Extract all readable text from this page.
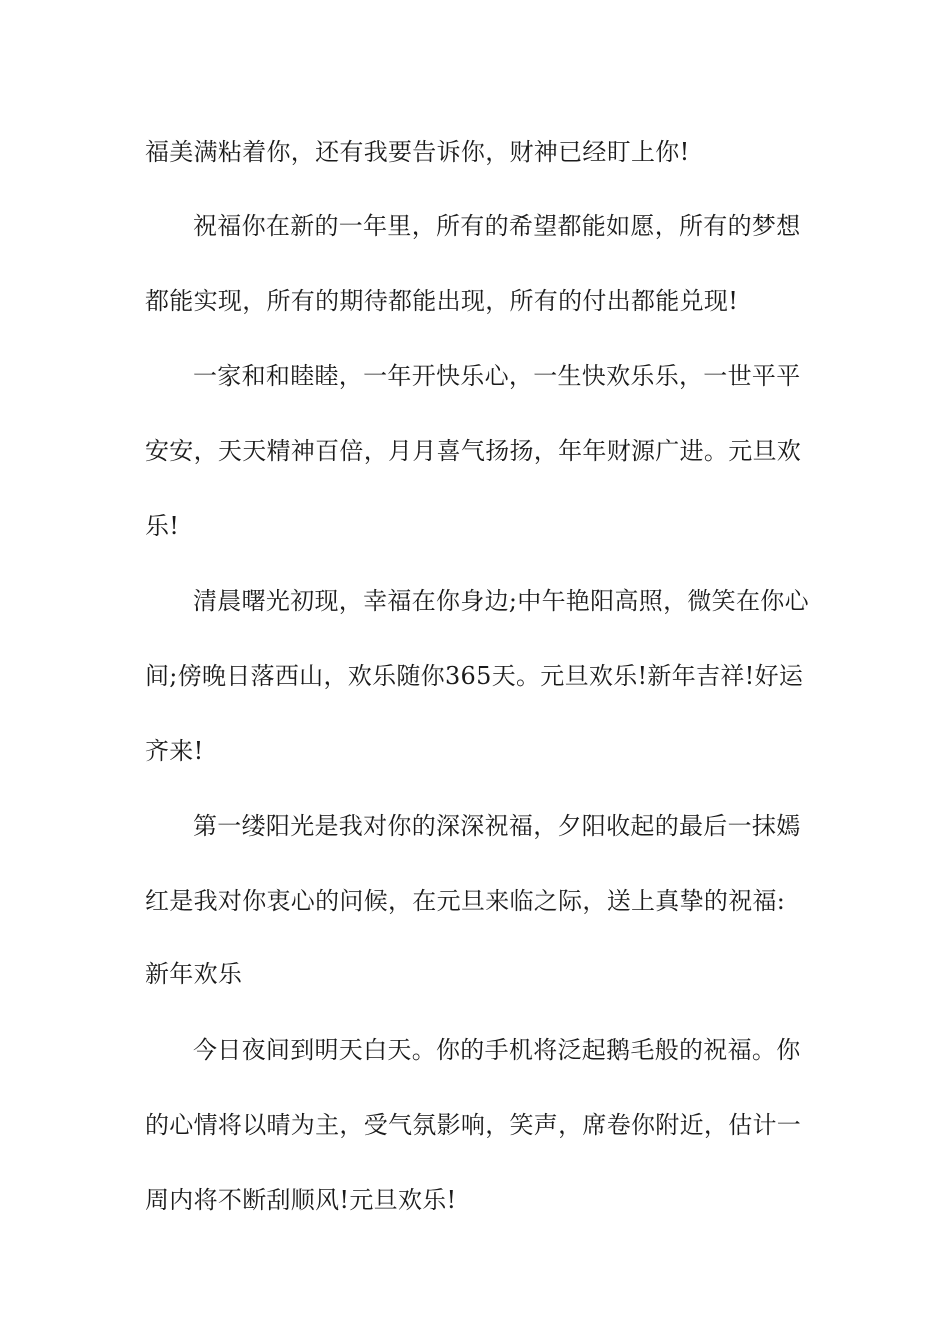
福美满粘着你，还有我要告诉你，财神已经盯上你!
祝福你在新的一年里，所有的希望都能如愿，所有的梦想
都能实现，所有的期待都能出现，所有的付出都能兑现!
一家和和睦睦，一年开快乐心，一生快欢乐乐，一世平平
安安，天天精神百倍，月月喜气扬扬，年年财源广进。元旦欢
乐!
清晨曙光初现，幸福在你身边;中午艳阳高照，微笑在你心
间;傍晚日落西山，欢乐随你365天。元旦欢乐!新年吉祥!好运
齐来!
第一缕阳光是我对你的深深祝福，夕阳收起的最后一抹嫣
红是我对你衷心的问候，在元旦来临之际，送上真挚的祝福:
新年欢乐
今日夜间到明天白天。你的手机将泛起鹅毛般的祝福。你
的心情将以晴为主，受气氛影响，笑声，席卷你附近，估计一
周内将不断刮顺风!元旦欢乐!
